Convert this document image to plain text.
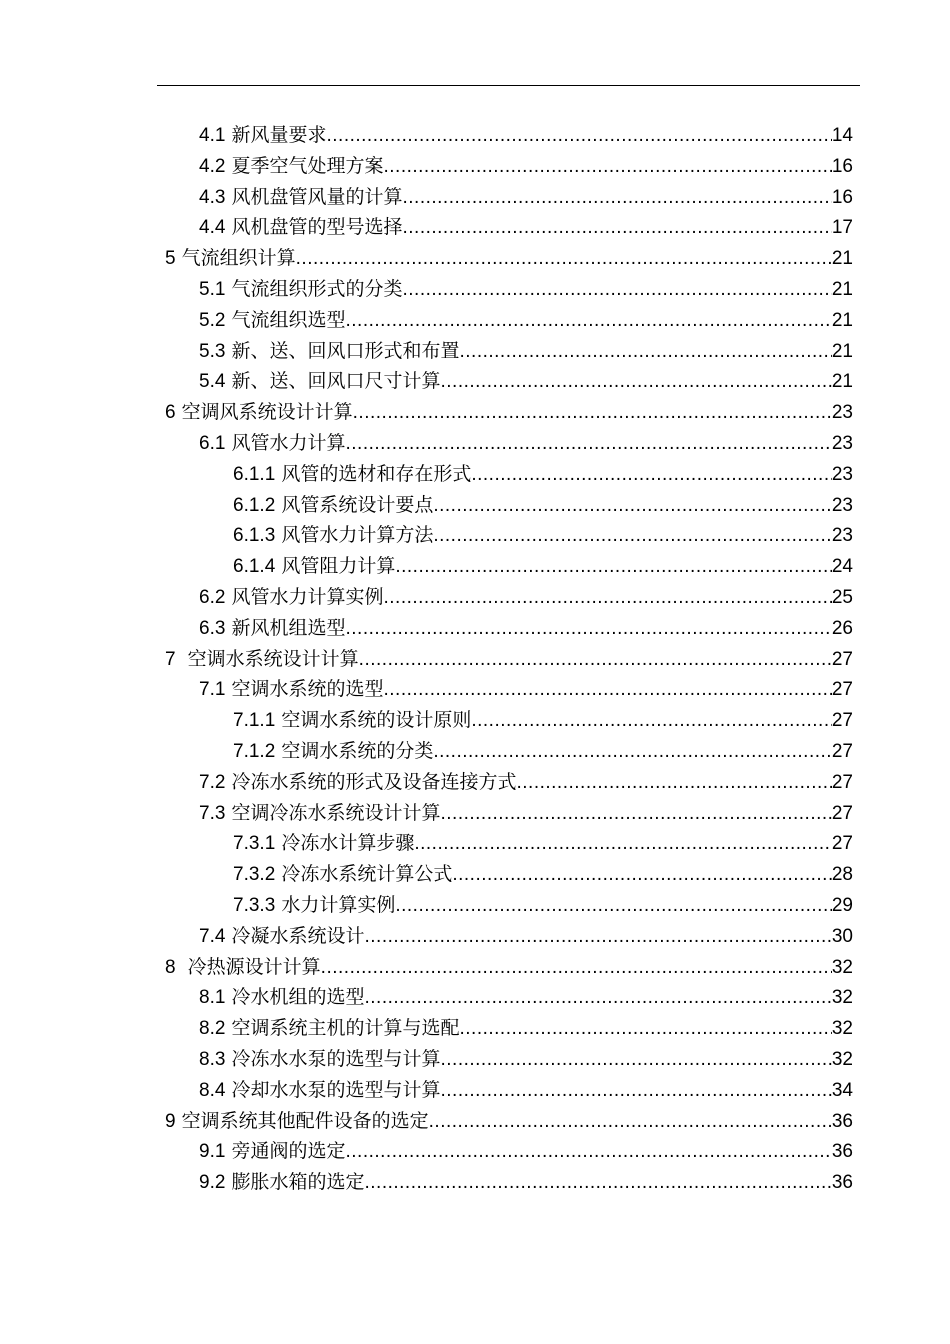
4.1 新风量要求 .....	14
4.2 夏季空气处理方案 .....	16
4.3 风机盘管风量的计算 .....	16
4.4 风机盘管的型号选择 .....	17
5 气流组织计算 .....	21
5.1 气流组织形式的分类 .....	21
5.2 气流组织选型 .....	21
5.3 新、送、回风口形式和布置 .....	21
5.4 新、送、回风口尺寸计算 .....	21
6 空调风系统设计计算 .....	23
6.1 风管水力计算 .....	23
6.1.1 风管的选材和存在形式 .....	23
6.1.2 风管系统设计要点 .....	23
6.1.3 风管水力计算方法 .....	23
6.1.4 风管阻力计算 .....	24
6.2 风管水力计算实例 .....	25
6.3 新风机组选型 .....	26
7  空调水系统设计计算 .....	27
7.1 空调水系统的选型 .....	27
7.1.1 空调水系统的设计原则 .....	27
7.1.2 空调水系统的分类 .....	27
7.2 冷冻水系统的形式及设备连接方式 .....	27
7.3 空调冷冻水系统设计计算 .....	27
7.3.1 冷冻水计算步骤 .....	27
7.3.2 冷冻水系统计算公式 .....	28
7.3.3 水力计算实例 .....	29
7.4 冷凝水系统设计 .....	30
8  冷热源设计计算 .....	32
8.1 冷水机组的选型 .....	32
8.2 空调系统主机的计算与选配 .....	32
8.3 冷冻水水泵的选型与计算 .....	32
8.4 冷却水水泵的选型与计算 .....	34
9 空调系统其他配件设备的选定 .....	36
9.1 旁通阀的选定 .....	36
9.2 膨胀水箱的选定 .....	36
